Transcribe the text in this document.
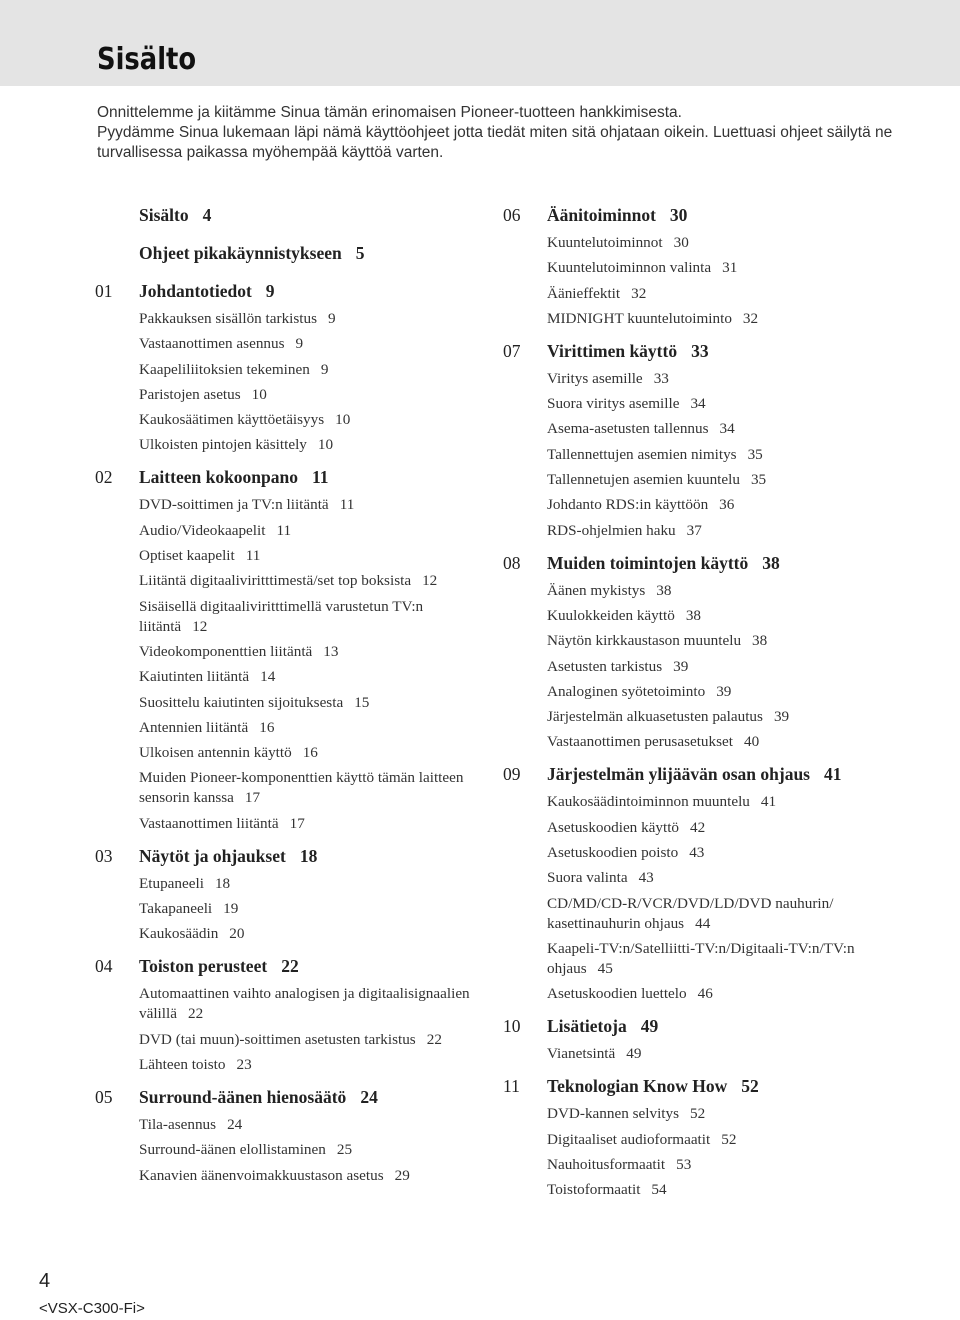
Sisälto

Onnittelemme ja kiitämme Sinua tämän erinomaisen Pioneer-tuotteen hankkimisesta.

Pyydämme Sinua lukemaan läpi nämä käyttöohjeet jotta tiedät miten sitä ohjataan oikein. Luettuasi ohjeet säilytä ne turvallisessa paikassa myöhempää käyttöä varten.

Sisälto 4
Ohjeet pikakäynnistykseen 5
01	Johdantotiedot 9
Pakkauksen sisällön tarkistus 9
Vastaanottimen asennus 9
Kaapeliliitoksien tekeminen 9
Paristojen asetus 10
Kaukosäätimen käyttöetäisyys 10
Ulkoisten pintojen käsittely 10
02	Laitteen kokoonpano 11
DVD-soittimen ja TV:n liitäntä 11
Audio/Videokaapelit 11
Optiset kaapelit 11
Liitäntä digitaaliviritttimestä/set top boksista 12
Sisäisellä digitaaliviritttimellä varustetun TV:n liitäntä 12
Videokomponenttien liitäntä 13
Kaiutinten liitäntä 14
Suosittelu kaiutinten sijoituksesta 15
Antennien liitäntä 16
Ulkoisen antennin käyttö 16
Muiden Pioneer-komponenttien käyttö tämän laitteen sensorin kanssa 17
Vastaanottimen liitäntä 17
03	Näytöt ja ohjaukset 18
Etupaneeli 18
Takapaneeli 19
Kaukosäädin 20
04	Toiston perusteet 22
Automaattinen vaihto analogisen ja digitaalisignaalien välillä 22
DVD (tai muun)-soittimen asetusten tarkistus 22
Lähteen toisto 23
05	Surround-äänen hienosäätö 24
Tila-asennus 24
Surround-äänen elollistaminen 25
Kanavien äänenvoimakkuustason asetus 29
06	Äänitoiminnot 30
Kuuntelutoiminnot 30
Kuuntelutoiminnon valinta 31
Äänieffektit 32
MIDNIGHT kuuntelutoiminto 32
07	Virittimen käyttö 33
Viritys asemille 33
Suora viritys asemille 34
Asema-asetusten tallennus 34
Tallennettujen asemien nimitys 35
Tallennetujen asemien kuuntelu 35
Johdanto RDS:in käyttöön 36
RDS-ohjelmien haku 37
08	Muiden toimintojen käyttö 38
Äänen mykistys 38
Kuulokkeiden käyttö 38
Näytön kirkkaustason muuntelu 38
Asetusten tarkistus 39
Analoginen syötetoiminto 39
Järjestelmän alkuasetusten palautus 39
Vastaanottimen perusasetukset 40
09	Järjestelmän ylijäävän osan ohjaus 41
Kaukosäädintoiminnon muuntelu 41
Asetuskoodien käyttö 42
Asetuskoodien poisto 43
Suora valinta 43
CD/MD/CD-R/VCR/DVD/LD/DVD nauhurin/ kasettinauhurin ohjaus 44
Kaapeli-TV:n/Satelliitti-TV:n/Digitaali-TV:n/TV:n ohjaus 45
Asetuskoodien luettelo 46
10	Lisätietoja 49
Vianetsintä 49
11	Teknologian Know How 52
DVD-kannen selvitys 52
Digitaaliset audioformaatit 52
Nauhoitusformaatit 53
Toistoformaatit 54

4

<VSX-C300-Fi>
